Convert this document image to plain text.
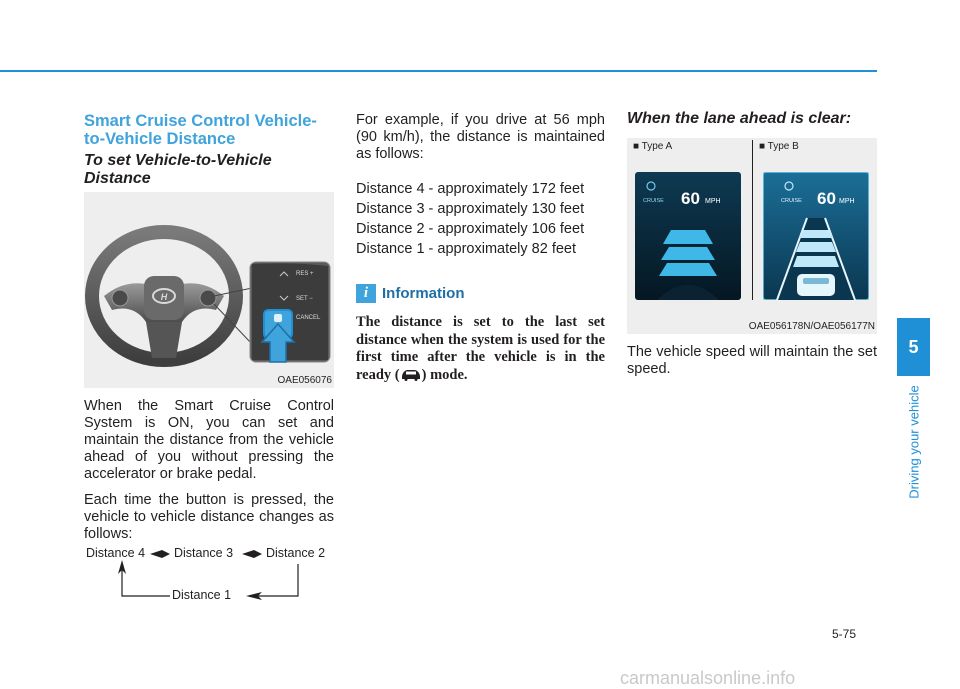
Smart Cruise Control Vehicle-to-Vehicle Distance
To set Vehicle-to-Vehicle Distance
H
RES +
SET −
CANCEL
OAE056076

When the Smart Cruise Control System is ON, you can set and maintain the distance from the vehicle ahead of you without pressing the accelerator or brake pedal.

Each time the button is pressed, the vehicle to vehicle distance changes as follows:

Distance 4 Distance 3	Distance 2
Distance 1

For example, if you drive at 56 mph (90 km/h), the distance is maintained as follows:

Distance 4 - approximately 172 feet

Distance 3 - approximately 130 feet

Distance 2 - approximately 106 feet

Distance 1 - approximately 82 feet

i Information
The distance is set to the last set distance when the system is used for the first time after the vehicle is in the ready ( ) mode.
When the lane ahead is clear:
■ Type A	■ Type B
CRUISE 60 MPH	CRUISE 60 MPH
OAE056178N/OAE056177N

The vehicle speed will maintain the set speed.

5
Driving your vehicle
5-75
carmanualsonline.info
